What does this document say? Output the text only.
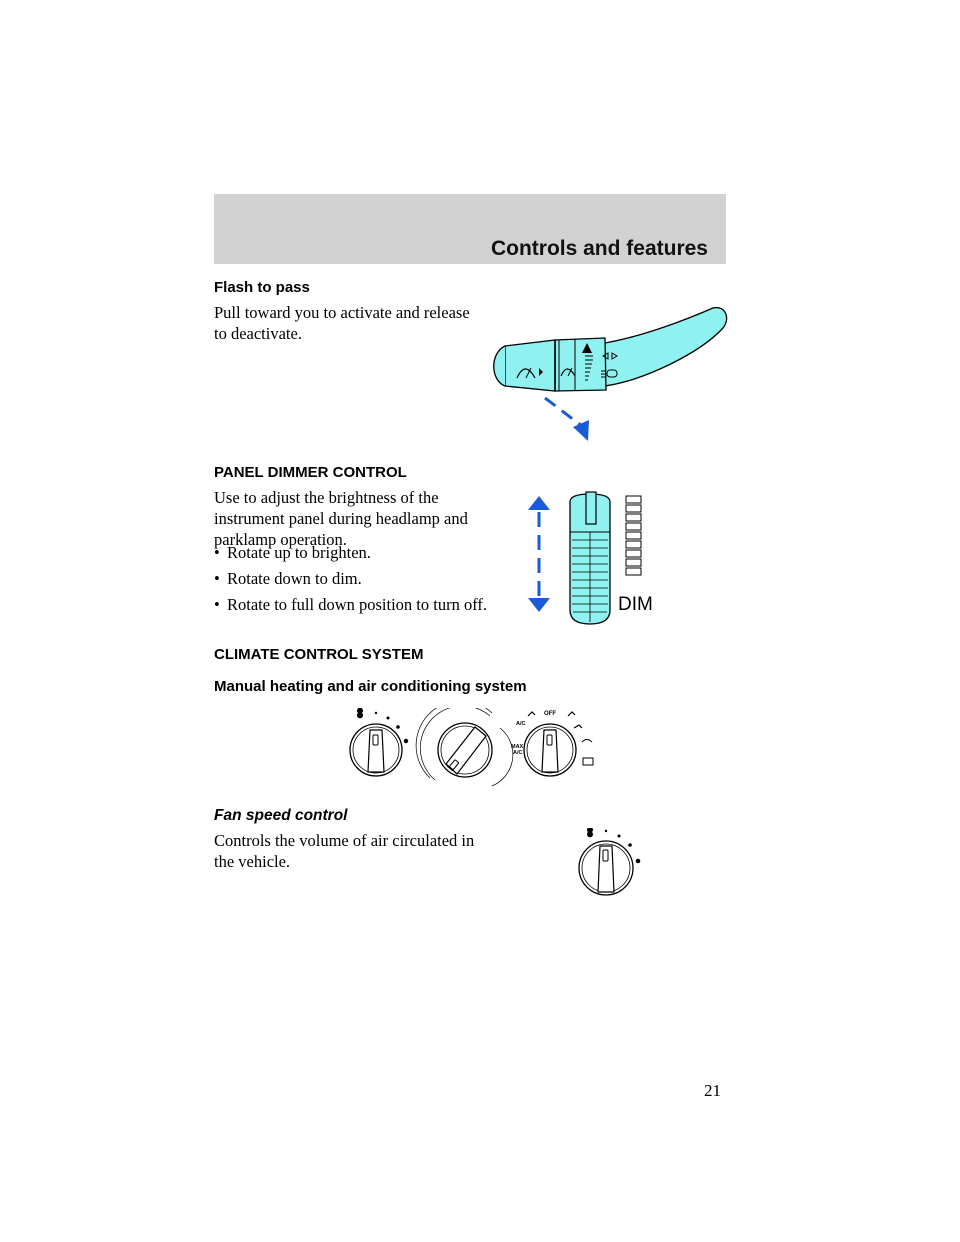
Controls and features
Flash to pass
Pull toward you to activate and release to deactivate.
PANEL DIMMER CONTROL
Use to adjust the brightness of the instrument panel during headlamp and parklamp operation.
• Rotate up to brighten.
• Rotate down to dim.
• Rotate to full down position to turn off.	DIM
CLIMATE CONTROL SYSTEM
Manual heating and air conditioning system
OFF
A/C
MAX
A/C
Fan speed control
Controls the volume of air circulated in the vehicle.
21
